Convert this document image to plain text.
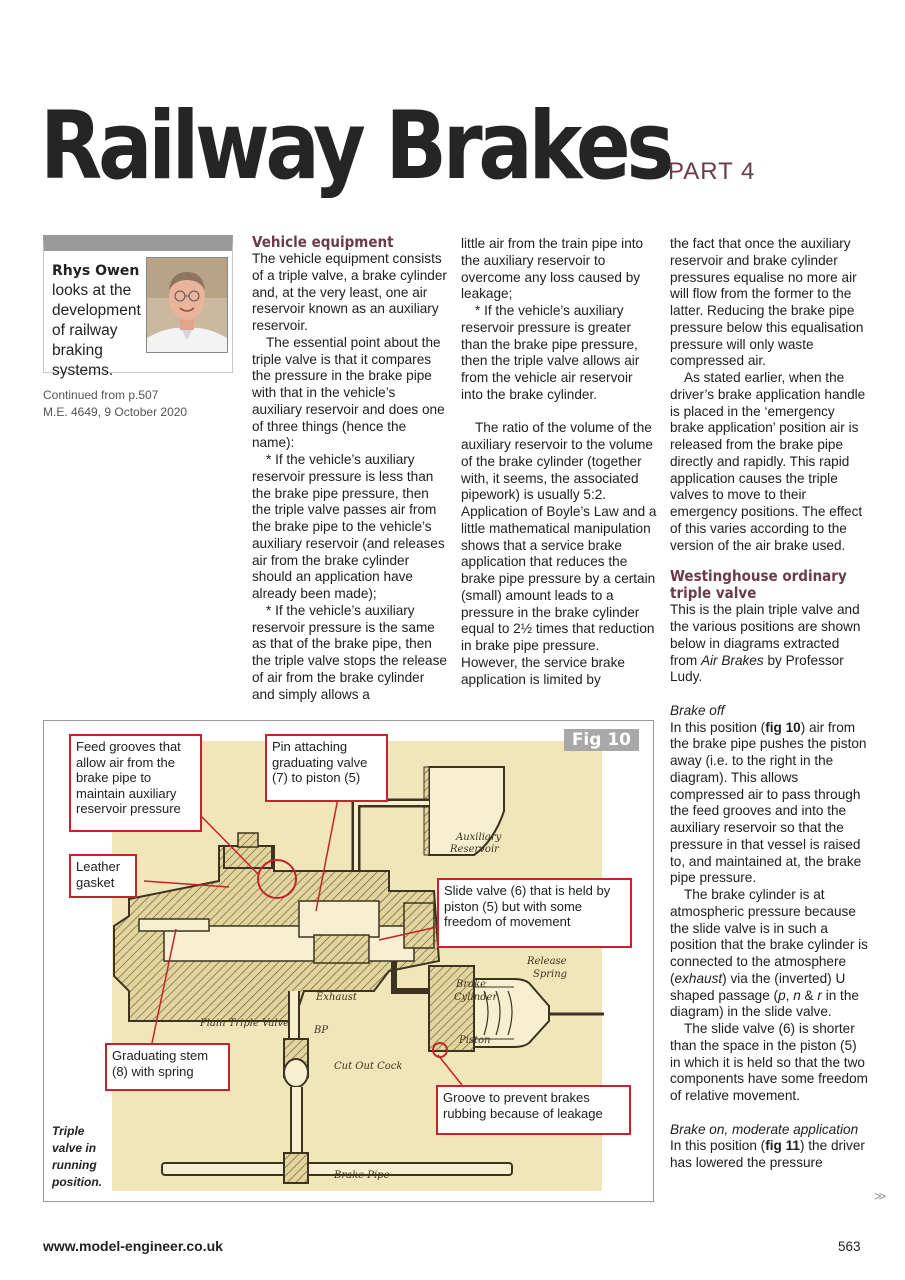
Railway Brakes
PART 4
Rhys Owen
looks at the
development
of railway
braking systems.
Continued from p.507
M.E. 4649, 9 October 2020
Vehicle equipment

The vehicle equipment consists of a triple valve, a brake cylinder and, at the very least, one air reservoir known as an auxiliary reservoir.

The essential point about the triple valve is that it compares the pressure in the brake pipe with that in the vehicle’s auxiliary reservoir and does one of three things (hence the name):

* If the vehicle’s auxiliary reservoir pressure is less than the brake pipe pressure, then the triple valve passes air from the brake pipe to the vehicle’s auxiliary reservoir (and releases air from the brake cylinder should an application have already been made);

* If the vehicle’s auxiliary reservoir pressure is the same as that of the brake pipe, then the triple valve stops the release of air from the brake cylinder and simply allows a

little air from the train pipe into the auxiliary reservoir to overcome any loss caused by leakage;

* If the vehicle’s auxiliary reservoir pressure is greater than the brake pipe pressure, then the triple valve allows air from the vehicle air reservoir into the brake cylinder.

The ratio of the volume of the auxiliary reservoir to the volume of the brake cylinder (together with, it seems, the associated pipework) is usually 5:2. Application of Boyle’s Law and a little mathematical manipulation shows that a service brake application that reduces the brake pipe pressure by a certain (small) amount leads to a pressure in the brake cylinder equal to 2½ times that reduction in brake pipe pressure. However, the service brake application is limited by

the fact that once the auxiliary reservoir and brake cylinder pressures equalise no more air will flow from the former to the latter. Reducing the brake pipe pressure below this equalisation pressure will only waste compressed air.

As stated earlier, when the driver’s brake application handle is placed in the ‘emergency brake application’ position air is released from the brake pipe directly and rapidly. This rapid application causes the triple valves to move to their emergency positions. The effect of this varies according to the version of the air brake used.

Westinghouse ordinary
triple valve

This is the plain triple valve and the various positions are shown below in diagrams extracted from Air Brakes by Professor Ludy.

Brake off

In this position (fig 10) air from the brake pipe pushes the piston away (i.e. to the right in the diagram). This allows compressed air to pass through the feed grooves and into the auxiliary reservoir so that the pressure in that vessel is raised to, and maintained at, the brake pipe pressure.

The brake cylinder is at atmospheric pressure because the slide valve is in such a position that the brake cylinder is connected to the atmosphere (exhaust) via the (inverted) U shaped passage (p, n & r in the diagram) in the slide valve.

The slide valve (6) is shorter than the space in the piston (5) in which it is held so that the two components have some freedom of relative movement.

Brake on, moderate application

In this position (fig 11) the driver has lowered the pressure

Auxiliary
Reservoir
Release
Spring
Brake
Cylinder
Piston
Exhaust
Plain Triple Valve
BP
Cut Out Cock
Brake Pipe
Fig 10
Feed grooves that allow air from the brake pipe to maintain auxiliary reservoir pressure
Pin attaching graduating valve (7) to piston (5)
Leather gasket
Slide valve (6) that is held by piston (5) but with some freedom of movement
Graduating stem (8) with spring
Groove to prevent brakes rubbing because of leakage
Triple
valve in
running
position.
≫
www.model-engineer.co.uk	563
